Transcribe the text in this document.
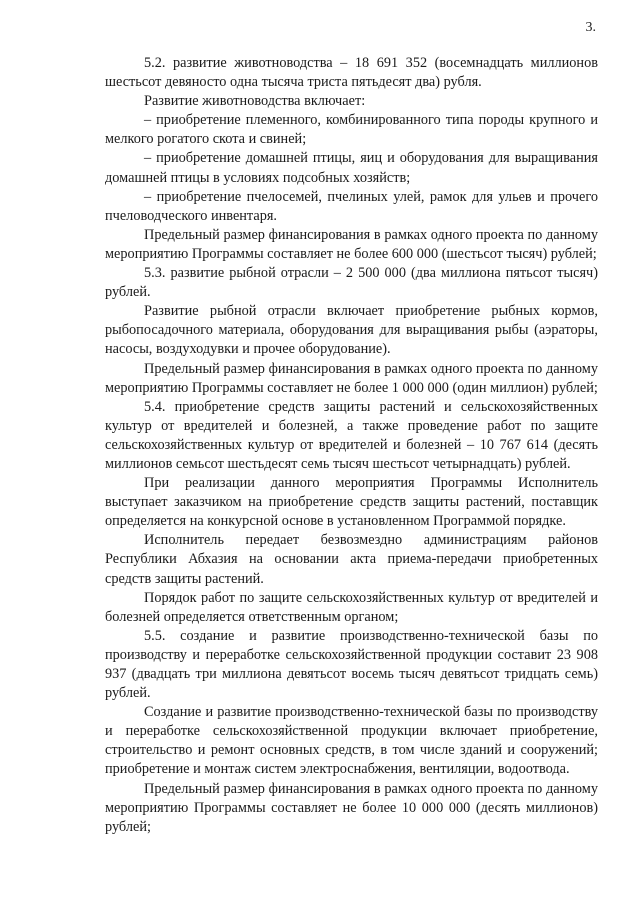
3.

5.2. развитие животноводства – 18 691 352 (восемнадцать миллионов шестьсот девяносто одна тысяча триста пятьдесят два) рубля.

Развитие животноводства включает:

– приобретение племенного, комбинированного типа породы крупного и мелкого рогатого скота и свиней;

– приобретение домашней птицы, яиц и оборудования для выращивания домашней птицы в условиях подсобных хозяйств;

– приобретение пчелосемей, пчелиных улей, рамок для ульев и прочего пчеловодческого инвентаря.

Предельный размер финансирования в рамках одного проекта по данному мероприятию Программы составляет не более 600 000 (шестьсот тысяч) рублей;

5.3. развитие рыбной отрасли – 2 500 000 (два миллиона пятьсот тысяч) рублей.

Развитие рыбной отрасли включает приобретение рыбных кормов, рыбопосадочного материала, оборудования для выращивания рыбы (аэраторы, насосы, воздуходувки и прочее оборудование).

Предельный размер финансирования в рамках одного проекта по данному мероприятию Программы составляет не более 1 000 000 (один миллион) рублей;

5.4. приобретение средств защиты растений и сельскохозяйственных культур от вредителей и болезней, а также проведение работ по защите сельскохозяйственных культур от вредителей и болезней – 10 767 614 (десять миллионов семьсот шестьдесят семь тысяч шестьсот четырнадцать) рублей.

При реализации данного мероприятия Программы Исполнитель выступает заказчиком на приобретение средств защиты растений, поставщик определяется на конкурсной основе в установленном Программой порядке.

Исполнитель передает безвозмездно администрациям районов Республики Абхазия на основании акта приема-передачи приобретенных средств защиты растений.

Порядок работ по защите сельскохозяйственных культур от вредителей и болезней определяется ответственным органом;

5.5. создание и развитие производственно-технической базы по производству и переработке сельскохозяйственной продукции составит 23 908 937 (двадцать три миллиона девятьсот восемь тысяч девятьсот тридцать семь) рублей.

Создание и развитие производственно-технической базы по производству и переработке сельскохозяйственной продукции включает приобретение, строительство и ремонт основных средств, в том числе зданий и сооружений; приобретение и монтаж систем электроснабжения, вентиляции, водоотвода.

Предельный размер финансирования в рамках одного проекта по данному мероприятию Программы составляет не более 10 000 000 (десять миллионов) рублей;
